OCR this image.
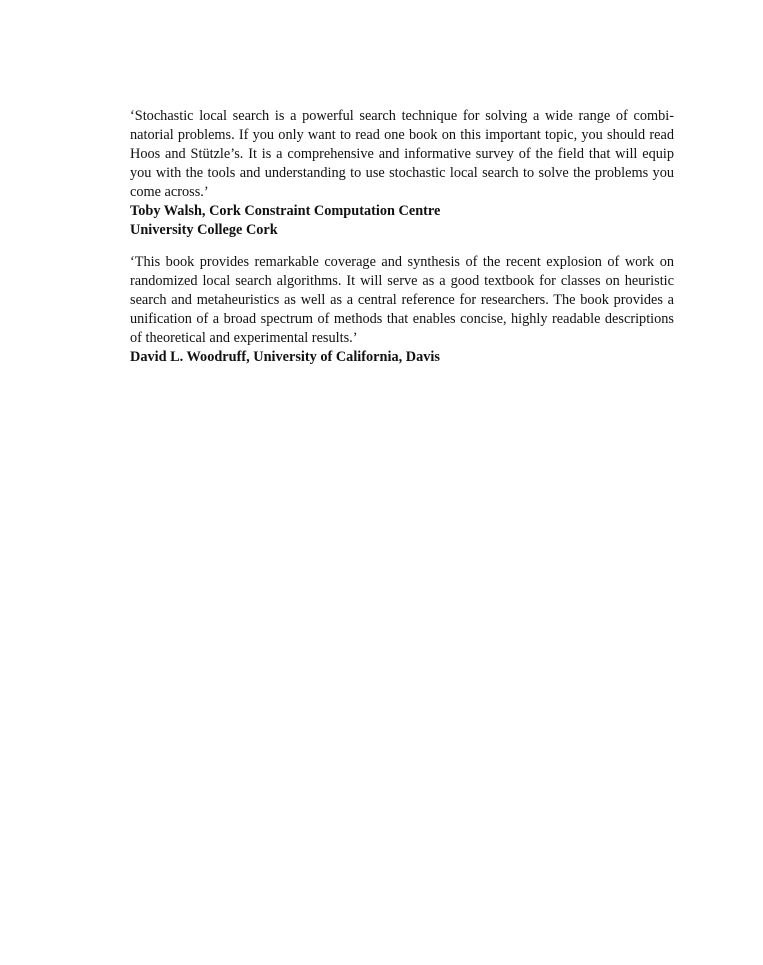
‘Stochastic local search is a powerful search technique for solving a wide range of combinatorial problems. If you only want to read one book on this important topic, you should read Hoos and Stützle’s. It is a comprehensive and informative survey of the field that will equip you with the tools and understanding to use stochastic local search to solve the problems you come across.’

Toby Walsh, Cork Constraint Computation Centre

University College Cork

‘This book provides remarkable coverage and synthesis of the recent explosion of work on randomized local search algorithms. It will serve as a good textbook for classes on heuristic search and metaheuristics as well as a central reference for researchers. The book provides a unification of a broad spectrum of methods that enables concise, highly readable descriptions of theoretical and experimental results.’

David L. Woodruff, University of California, Davis
